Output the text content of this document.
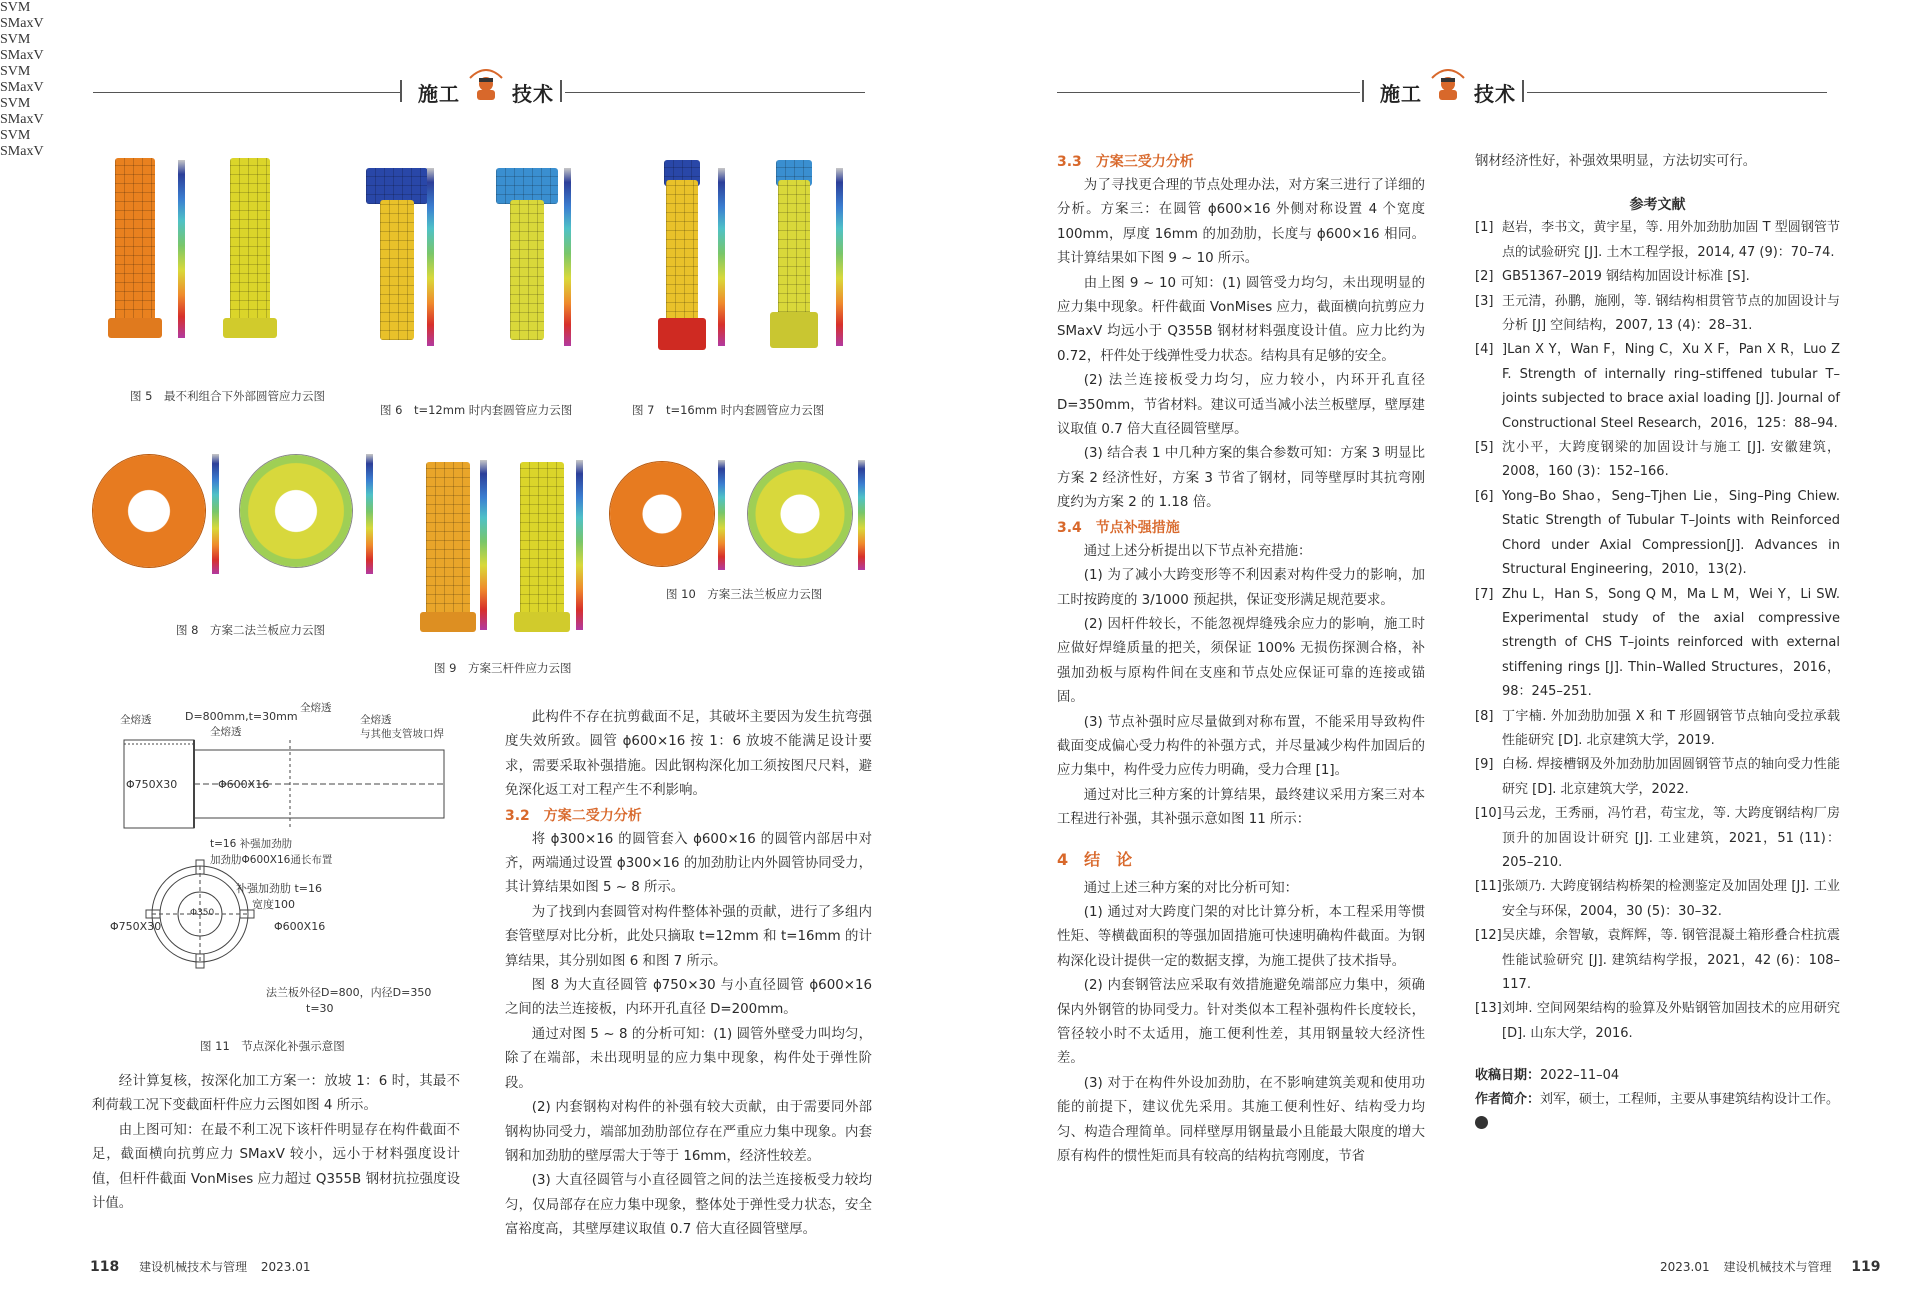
施工	技术	施工	技术
SVM
SMaxV
图 5　最不利组合下外部圆管应力云图
SVM
SMaxV
图 6　t=12mm 时内套圆管应力云图
SVM
SMaxV
图 7　t=16mm 时内套圆管应力云图
SVM
SMaxV
图 8　方案二法兰板应力云图
SVM
SMaxV
图 9　方案三杆件应力云图
图 10　方案三法兰板应力云图
全熔透	D=800mm,t=30mm
全熔透
全熔透
全熔透
与其他支管坡口焊
Φ750X30	Φ600X16
t=16 补强加劲肋
加劲肋Φ600X16通长布置
补强加劲肋 t=16
宽度100
Φ750X30	Φ600X16
Φ350
法兰板外径D=800，内径D=350
t=30
图 11　节点深化补强示意图

经计算复核，按深化加工方案一：放坡 1：6 时，其最不利荷载工况下变截面杆件应力云图如图 4 所示。

由上图可知：在最不利工况下该杆件明显存在构件截面不足，截面横向抗剪应力 SMaxV 较小，远小于材料强度设计值，但杆件截面 VonMises 应力超过 Q355B 钢材抗拉强度设计值。

此构件不存在抗剪截面不足，其破坏主要因为发生抗弯强度失效所致。圆管 ϕ600×16 按 1：6 放坡不能满足设计要求，需要采取补强措施。因此钢构深化加工须按图尺尺料，避免深化返工对工程产生不利影响。

3.2　方案二受力分析

将 ϕ300×16 的圆管套入 ϕ600×16 的圆管内部居中对齐，两端通过设置 ϕ300×16 的加劲肋让内外圆管协同受力，其计算结果如图 5 ~ 8 所示。

为了找到内套圆管对构件整体补强的贡献，进行了多组内套管壁厚对比分析，此处只摘取 t=12mm 和 t=16mm 的计算结果，其分别如图 6 和图 7 所示。

图 8 为大直径圆管 ϕ750×30 与小直径圆管 ϕ600×16 之间的法兰连接板，内环开孔直径 D=200mm。

通过对图 5 ~ 8 的分析可知：(1) 圆管外壁受力叫均匀，除了在端部，未出现明显的应力集中现象，构件处于弹性阶段。

(2) 内套钢构对构件的补强有较大贡献，由于需要同外部钢构协同受力，端部加劲肋部位存在严重应力集中现象。内套钢和加劲肋的壁厚需大于等于 16mm，经济性较差。

(3) 大直径圆管与小直径圆管之间的法兰连接板受力较均匀，仅局部存在应力集中现象，整体处于弹性受力状态，安全富裕度高，其壁厚建议取值 0.7 倍大直径圆管壁厚。

3.3　方案三受力分析

为了寻找更合理的节点处理办法，对方案三进行了详细的分析。方案三：在圆管 ϕ600×16 外侧对称设置 4 个宽度 100mm，厚度 16mm 的加劲肋，长度与 ϕ600×16 相同。其计算结果如下图 9 ~ 10 所示。

由上图 9 ~ 10 可知：(1) 圆管受力均匀，未出现明显的应力集中现象。杆件截面 VonMises 应力，截面横向抗剪应力 SMaxV 均远小于 Q355B 钢材材料强度设计值。应力比约为 0.72，杆件处于线弹性受力状态。结构具有足够的安全。

(2) 法兰连接板受力均匀，应力较小，内环开孔直径 D=350mm，节省材料。建议可适当减小法兰板壁厚，壁厚建议取值 0.7 倍大直径圆管壁厚。

(3) 结合表 1 中几种方案的集合参数可知：方案 3 明显比方案 2 经济性好，方案 3 节省了钢材，同等壁厚时其抗弯刚度约为方案 2 的 1.18 倍。

3.4　节点补强措施

通过上述分析提出以下节点补充措施：

(1) 为了减小大跨变形等不利因素对构件受力的影响，加工时按跨度的 3/1000 预起拱，保证变形满足规范要求。

(2) 因杆件较长，不能忽视焊缝残余应力的影响，施工时应做好焊缝质量的把关，须保证 100% 无损伤探测合格，补强加劲板与原构件间在支座和节点处应保证可靠的连接或锚固。

(3) 节点补强时应尽量做到对称布置，不能采用导致构件截面变成偏心受力构件的补强方式，并尽量减少构件加固后的应力集中，构件受力应传力明确，受力合理 [1]。

通过对比三种方案的计算结果，最终建议采用方案三对本工程进行补强，其补强示意如图 11 所示：

4　结　论

通过上述三种方案的对比分析可知：

(1) 通过对大跨度门架的对比计算分析，本工程采用等惯性矩、等横截面积的等强加固措施可快速明确构件截面。为钢构深化设计提供一定的数据支撑，为施工提供了技术指导。

(2) 内套钢管法应采取有效措施避免端部应力集中，须确保内外钢管的协同受力。针对类似本工程补强构件长度较长，管径较小时不太适用，施工便利性差，其用钢量较大经济性差。

(3) 对于在构件外设加劲肋，在不影响建筑美观和使用功能的前提下，建议优先采用。其施工便利性好、结构受力均匀、构造合理简单。同样壁厚用钢量最小且能最大限度的增大原有构件的惯性矩而具有较高的结构抗弯刚度，节省

钢材经济性好，补强效果明显，方法切实可行。

参考文献
[1] 赵岩，李书文，黄宇星，等. 用外加劲肋加固 T 型圆钢管节点的试验研究 [J]. 土木工程学报，2014, 47 (9)：70–74.
[2] GB51367–2019 钢结构加固设计标准 [S].
[3] 王元清，孙鹏，施刚，等. 钢结构相贯管节点的加固设计与分析 [J] 空间结构，2007, 13 (4)：28–31.
[4] ]Lan X Y，Wan F，Ning C，Xu X F，Pan X R，Luo Z F. Strength of internally ring–stiffened tubular T–joints subjected to brace axial loading [J]. Journal of Constructional Steel Research，2016，125：88–94.
[5] 沈小平，大跨度钢梁的加固设计与施工 [J]. 安徽建筑，2008，160 (3)：152–166.
[6] Yong–Bo Shao，Seng–Tjhen Lie，Sing–Ping Chiew. Static Strength of Tubular T–Joints with Reinforced Chord under Axial Compression[J]. Advances in Structural Engineering，2010，13(2).
[7] Zhu L，Han S，Song Q M，Ma L M，Wei Y，Li SW. Experimental study of the axial compressive strength of CHS T–joints reinforced with external stiffening rings [J]. Thin–Walled Structures，2016，98：245–251.
[8] 丁宇楠. 外加劲肋加强 X 和 T 形圆钢管节点轴向受拉承载性能研究 [D]. 北京建筑大学，2019.
[9] 白杨. 焊接槽钢及外加劲肋加固圆钢管节点的轴向受力性能研究 [D]. 北京建筑大学，2022.
[10] 马云龙，王秀丽，冯竹君，苟宝龙，等. 大跨度钢结构厂房顶升的加固设计研究 [J]. 工业建筑，2021，51 (11)：205–210.
[11] 张颂乃. 大跨度钢结构桥架的检测鉴定及加固处理 [J]. 工业安全与环保，2004，30 (5)：30–32.
[12] 吴庆雄，余智敏，袁辉辉，等. 钢管混凝土箱形叠合柱抗震性能试验研究 [J]. 建筑结构学报，2021，42 (6)：108–117.
[13] 刘坤. 空间网架结构的验算及外贴钢管加固技术的应用研究 [D]. 山东大学，2016.
收稿日期：2022–11–04
作者简介：刘军，硕士，工程师，主要从事建筑结构设计工作。
118 建设机械技术与管理 2023.01	2023.01 建设机械技术与管理 119
